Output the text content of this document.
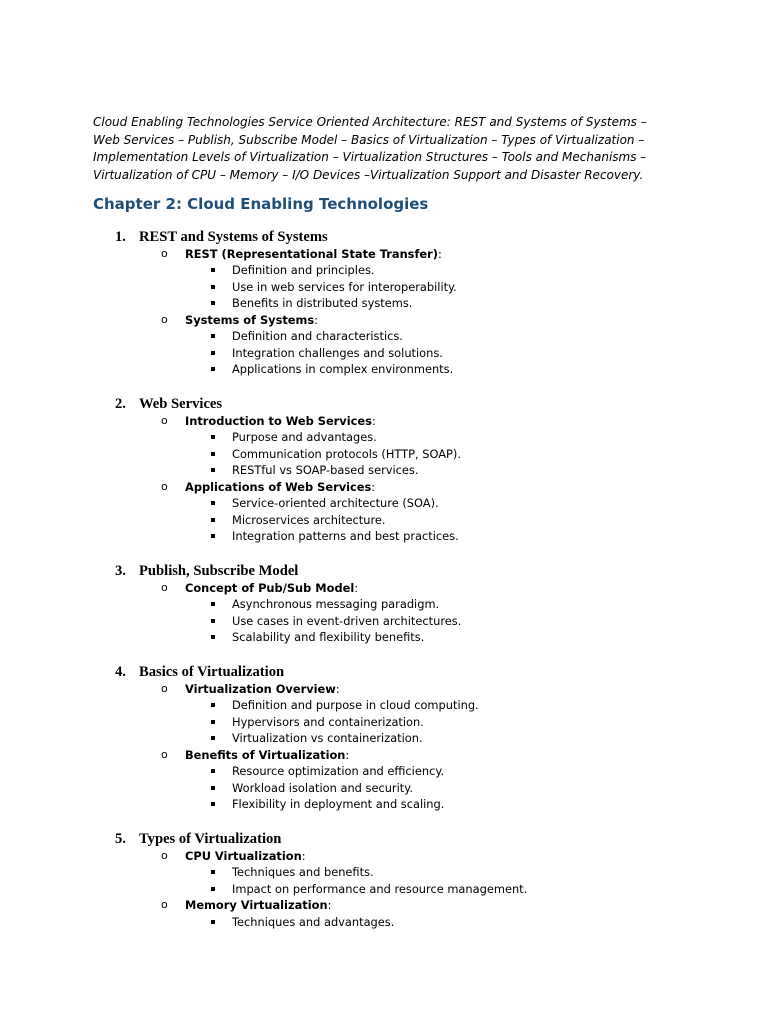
Cloud Enabling Technologies Service Oriented Architecture: REST and Systems of Systems – Web Services – Publish, Subscribe Model – Basics of Virtualization – Types of Virtualization – Implementation Levels of Virtualization – Virtualization Structures – Tools and Mechanisms – Virtualization of CPU – Memory – I/O Devices –Virtualization Support and Disaster Recovery.

Chapter 2: Cloud Enabling Technologies
1. REST and Systems of Systems
o REST (Representational State Transfer):
Definition and principles.
Use in web services for interoperability.
Benefits in distributed systems.
o Systems of Systems:
Definition and characteristics.
Integration challenges and solutions.
Applications in complex environments.
2. Web Services
o Introduction to Web Services:
Purpose and advantages.
Communication protocols (HTTP, SOAP).
RESTful vs SOAP-based services.
o Applications of Web Services:
Service-oriented architecture (SOA).
Microservices architecture.
Integration patterns and best practices.
3. Publish, Subscribe Model
o Concept of Pub/Sub Model:
Asynchronous messaging paradigm.
Use cases in event-driven architectures.
Scalability and flexibility benefits.
4. Basics of Virtualization
o Virtualization Overview:
Definition and purpose in cloud computing.
Hypervisors and containerization.
Virtualization vs containerization.
o Benefits of Virtualization:
Resource optimization and efficiency.
Workload isolation and security.
Flexibility in deployment and scaling.
5. Types of Virtualization
o CPU Virtualization:
Techniques and benefits.
Impact on performance and resource management.
o Memory Virtualization:
Techniques and advantages.
